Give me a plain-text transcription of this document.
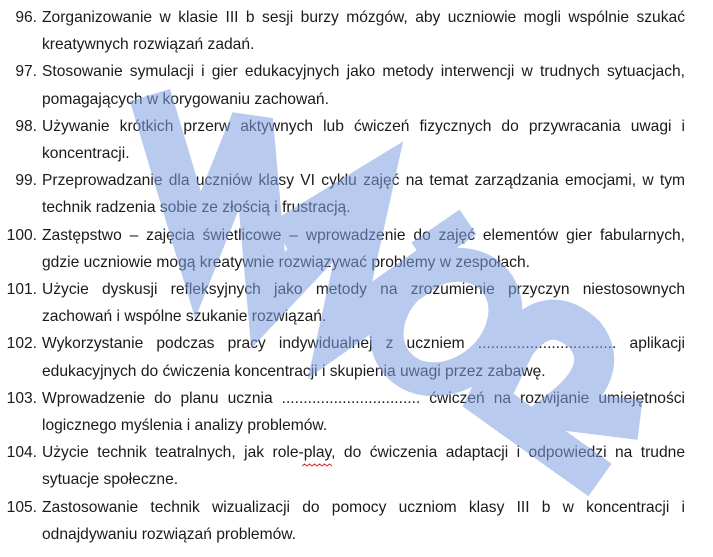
96. Zorganizowanie w klasie III b sesji burzy mózgów, aby uczniowie mogli wspólnie szukać kreatywnych rozwiązań zadań.
97. Stosowanie symulacji i gier edukacyjnych jako metody interwencji w trudnych sytuacjach, pomagających w korygowaniu zachowań.
98. Używanie krótkich przerw aktywnych lub ćwiczeń fizycznych do przywracania uwagi i koncentracji.
99. Przeprowadzanie dla uczniów klasy VI cyklu zajęć na temat zarządzania emocjami, w tym technik radzenia sobie ze złością i frustracją.
100. Zastępstwo – zajęcia świetlicowe – wprowadzenie do zajęć elementów gier fabularnych, gdzie uczniowie mogą kreatywnie rozwiązywać problemy w zespołach.
101. Użycie dyskusji refleksyjnych jako metody na zrozumienie przyczyn niestosownych zachowań i wspólne szukanie rozwiązań.
102. Wykorzystanie podczas pracy indywidualnej z uczniem ................................ aplikacji edukacyjnych do ćwiczenia koncentracji i skupienia uwagi przez zabawę.
103. Wprowadzenie do planu ucznia ................................ ćwiczeń na rozwijanie umiejętności logicznego myślenia i analizy problemów.
104. Użycie technik teatralnych, jak role-play, do ćwiczenia adaptacji i odpowiedzi na trudne sytuacje społeczne.
105. Zastosowanie technik wizualizacji do pomocy uczniom klasy III b w koncentracji i odnajdywaniu rozwiązań problemów.
